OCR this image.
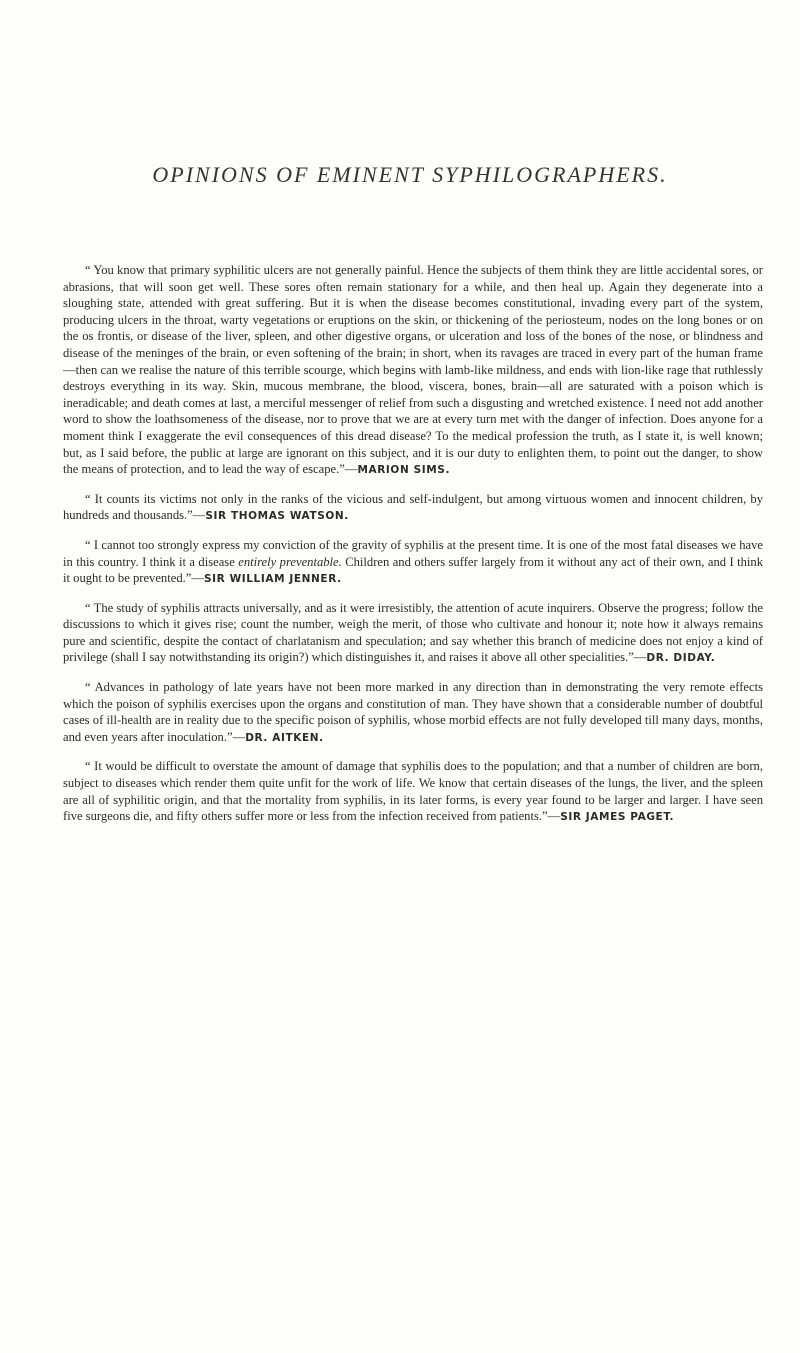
OPINIONS OF EMINENT SYPHILOGRAPHERS.

“ You know that primary syphilitic ulcers are not generally painful. Hence the subjects of them think they are little accidental sores, or abrasions, that will soon get well. These sores often remain stationary for a while, and then heal up. Again they degenerate into a sloughing state, attended with great suffering. But it is when the disease becomes constitutional, invading every part of the system, producing ulcers in the throat, warty vegetations or eruptions on the skin, or thickening of the periosteum, nodes on the long bones or on the os frontis, or disease of the liver, spleen, and other digestive organs, or ulceration and loss of the bones of the nose, or blindness and disease of the meninges of the brain, or even softening of the brain; in short, when its ravages are traced in every part of the human frame—then can we realise the nature of this terrible scourge, which begins with lamb-like mildness, and ends with lion-like rage that ruthlessly destroys everything in its way. Skin, mucous membrane, the blood, viscera, bones, brain—all are saturated with a poison which is ineradicable; and death comes at last, a merciful messenger of relief from such a disgusting and wretched existence. I need not add another word to show the loathsomeness of the disease, nor to prove that we are at every turn met with the danger of infection. Does anyone for a moment think I exaggerate the evil consequences of this dread disease? To the medical profession the truth, as I state it, is well known; but, as I said before, the public at large are ignorant on this subject, and it is our duty to enlighten them, to point out the danger, to show the means of protection, and to lead the way of escape.”—MARION SIMS.

“ It counts its victims not only in the ranks of the vicious and self-indulgent, but among virtuous women and innocent children, by hundreds and thousands.”—SIR THOMAS WATSON.

“ I cannot too strongly express my conviction of the gravity of syphilis at the present time. It is one of the most fatal diseases we have in this country. I think it a disease entirely preventable. Children and others suffer largely from it without any act of their own, and I think it ought to be prevented.”—SIR WILLIAM JENNER.

“ The study of syphilis attracts universally, and as it were irresistibly, the attention of acute inquirers. Observe the progress; follow the discussions to which it gives rise; count the number, weigh the merit, of those who cultivate and honour it; note how it always remains pure and scientific, despite the contact of charlatanism and speculation; and say whether this branch of medicine does not enjoy a kind of privilege (shall I say notwithstanding its origin?) which distinguishes it, and raises it above all other specialities.”—DR. DIDAY.

“ Advances in pathology of late years have not been more marked in any direction than in demonstrating the very remote effects which the poison of syphilis exercises upon the organs and constitution of man. They have shown that a considerable number of doubtful cases of ill-health are in reality due to the specific poison of syphilis, whose morbid effects are not fully developed till many days, months, and even years after inoculation.”—DR. AITKEN.

“ It would be difficult to overstate the amount of damage that syphilis does to the population; and that a number of children are born, subject to diseases which render them quite unfit for the work of life. We know that certain diseases of the lungs, the liver, and the spleen are all of syphilitic origin, and that the mortality from syphilis, in its later forms, is every year found to be larger and larger. I have seen five surgeons die, and fifty others suffer more or less from the infection received from patients.”—SIR JAMES PAGET.
